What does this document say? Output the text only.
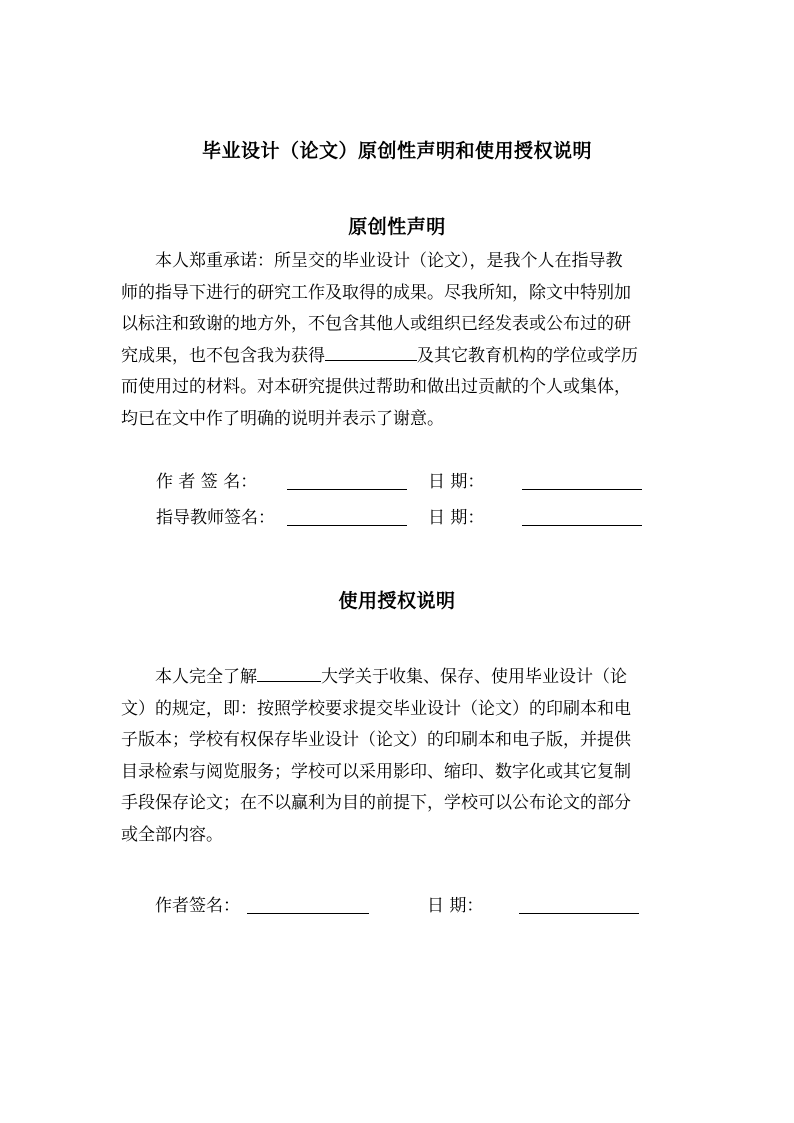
毕业设计（论文）原创性声明和使用授权说明
原创性声明
本人郑重承诺：所呈交的毕业设计（论文），是我个人在指导教
师的指导下进行的研究工作及取得的成果。尽我所知，除文中特别加
以标注和致谢的地方外，不包含其他人或组织已经发表或公布过的研
究成果，也不包含我为获得	及其它教育机构的学位或学历
而使用过的材料。对本研究提供过帮助和做出过贡献的个人或集体，
均已在文中作了明确的说明并表示了谢意。
作 者 签 名：	日 期：
指导教师签名：	日 期：
使用授权说明
本人完全了解	大学关于收集、保存、使用毕业设计（论
文）的规定，即：按照学校要求提交毕业设计（论文）的印刷本和电
子版本；学校有权保存毕业设计（论文）的印刷本和电子版，并提供
目录检索与阅览服务；学校可以采用影印、缩印、数字化或其它复制
手段保存论文；在不以赢利为目的前提下，学校可以公布论文的部分
或全部内容。
作者签名：	日 期：
